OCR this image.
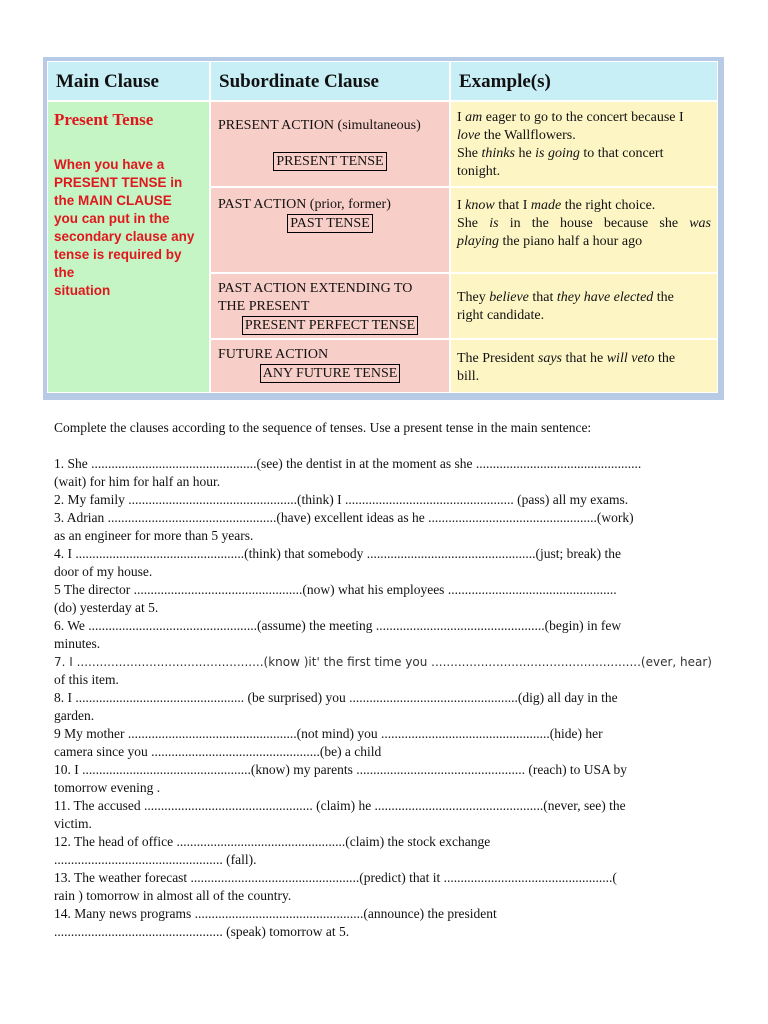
Main Clause	Subordinate Clause	Example(s)
Present Tense
When you have a
PRESENT TENSE in
the MAIN CLAUSE
you can put in the
secondary clause any
tense is required by the
situation
PRESENT ACTION (simultaneous)
PRESENT TENSE
I am eager to go to the concert because I
love the Wallflowers.
She thinks he is going to that concert
tonight.
PAST ACTION (prior, former)
PAST TENSE
I know that I made the right choice.
She is in the house because she was
playing the piano half a hour ago
PAST ACTION EXTENDING TO
THE PRESENT
PRESENT PERFECT TENSE
They believe that they have elected the
right candidate.
FUTURE ACTION
ANY FUTURE TENSE
The President says that he will veto the
bill.
Complete the clauses according to the sequence of tenses. Use a present tense in the main sentence:

1. She .................................................(see) the dentist in at the moment as she .................................................
(wait) for him for half an hour.

2. My family ..................................................(think) I .................................................. (pass) all my exams.

3. Adrian ..................................................(have) excellent ideas as he ..................................................(work)
as an engineer for more than 5 years.

4. I ..................................................(think) that somebody ..................................................(just; break) the
door of my house.

5 The director ..................................................(now) what his employees ..................................................
(do) yesterday at 5.

6. We ..................................................(assume) the meeting ..................................................(begin) in few
minutes.

7. I .................................................(know )it' the first time you .......................................................(ever, hear)
of this item.

8. I .................................................. (be surprised) you ..................................................(dig) all day in the
garden.

9 My mother ..................................................(not mind) you ..................................................(hide) her
camera since you ..................................................(be) a child

10. I ..................................................(know) my parents .................................................. (reach) to USA by
tomorrow evening .

11. The accused .................................................. (claim) he ..................................................(never, see) the
victim.

12. The head of office ..................................................(claim) the stock exchange
.................................................. (fall).

13. The weather forecast ..................................................(predict) that it ..................................................(
rain ) tomorrow in almost all of the country.

14. Many news programs ..................................................(announce) the president
.................................................. (speak) tomorrow at 5.
